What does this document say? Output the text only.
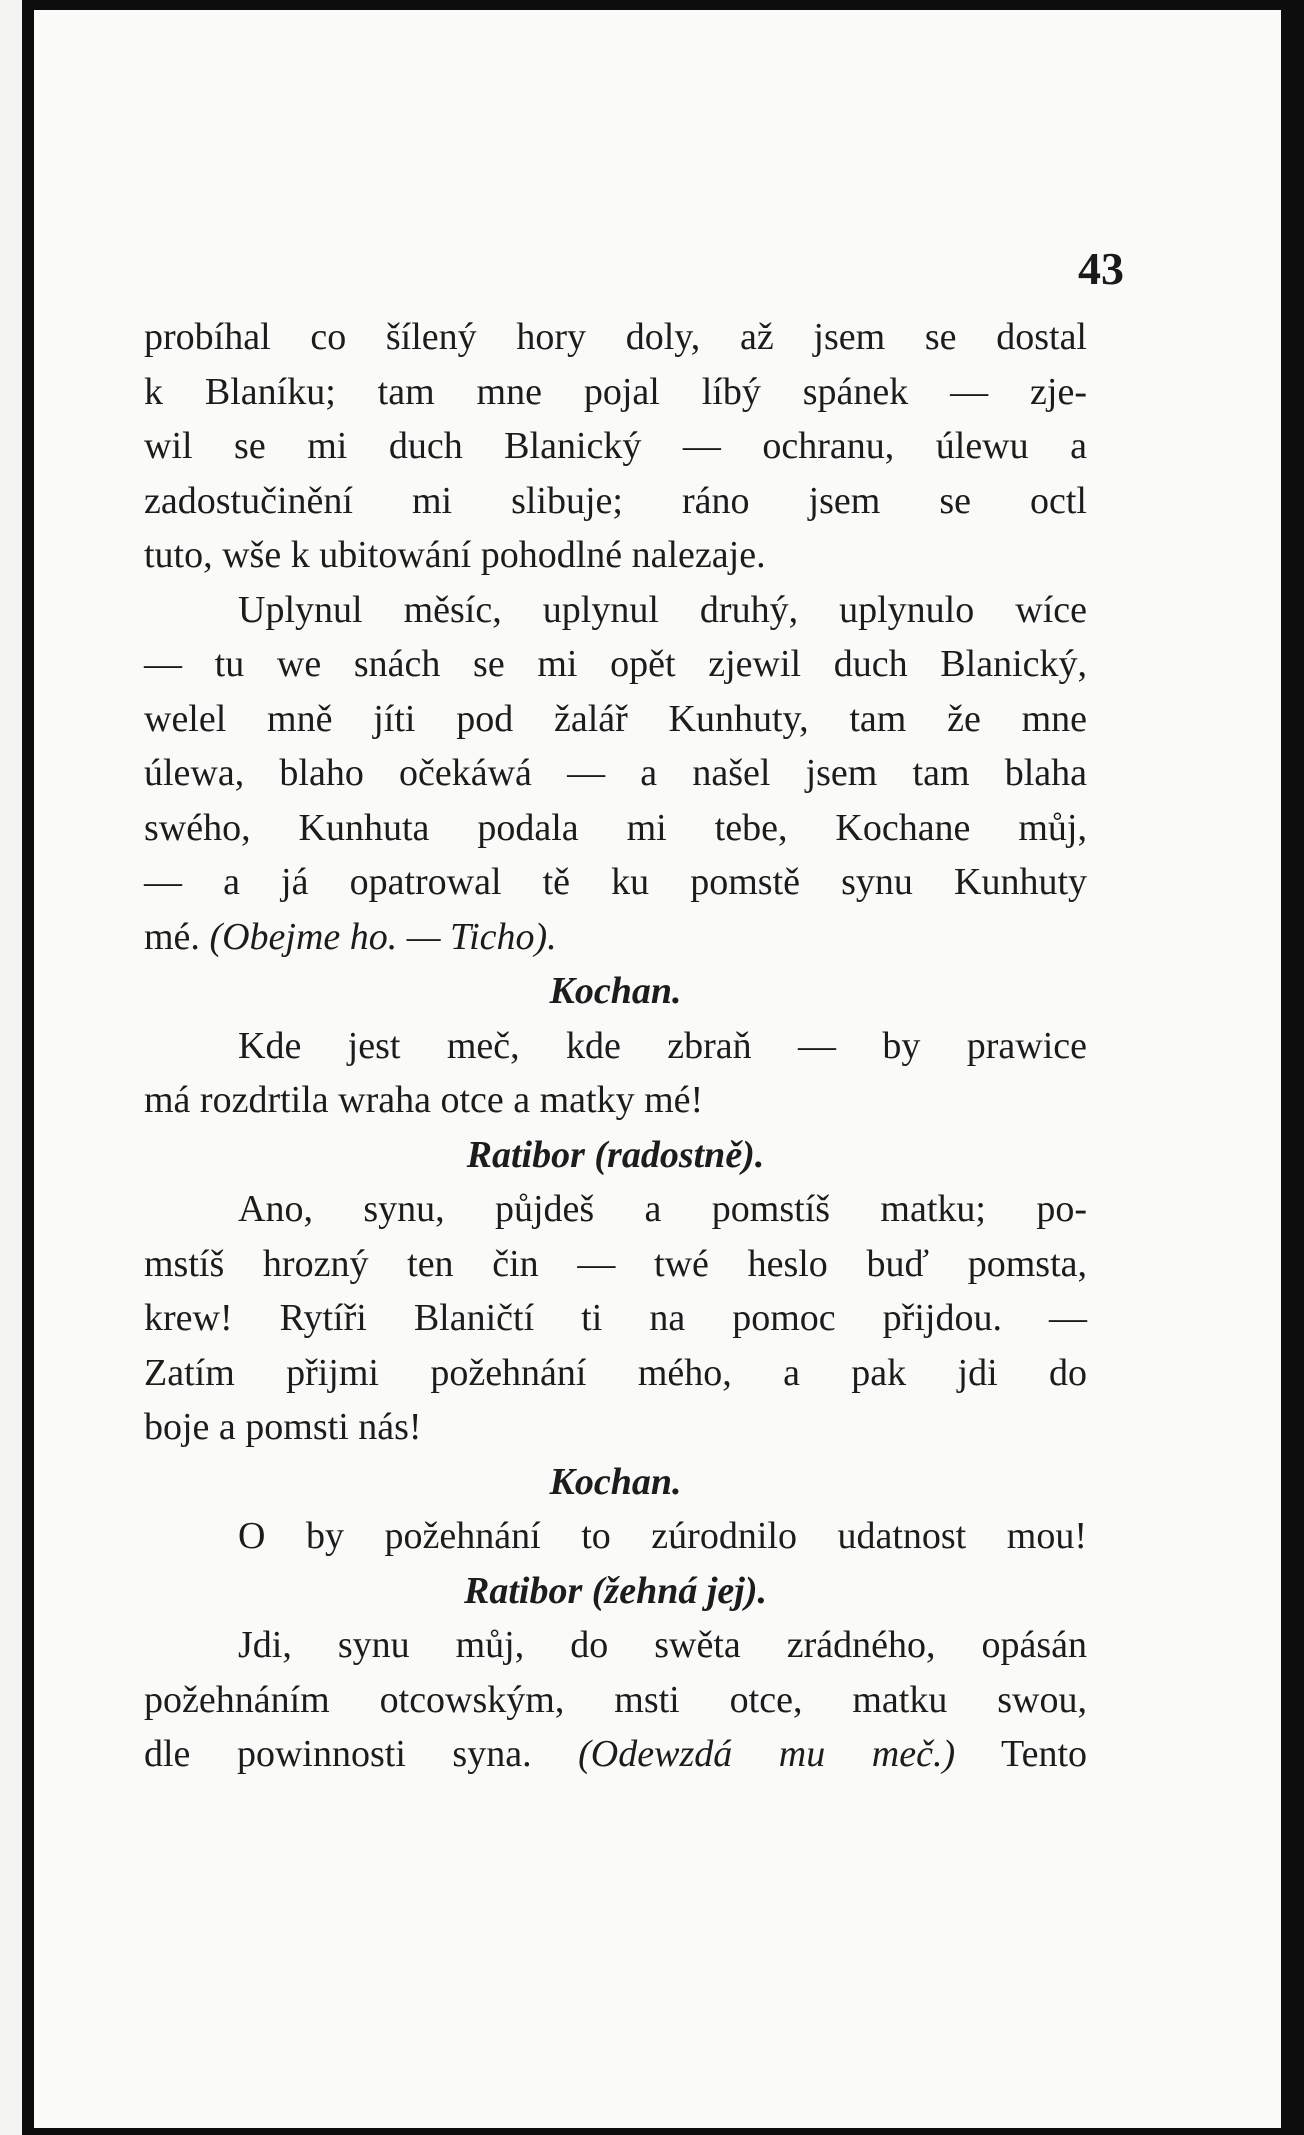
43
probíhal co šílený hory doly, až jsem se dostal
k Blaníku; tam mne pojal líbý spánek — zje-
wil se mi duch Blanický — ochranu, úlewu a
zadostučinění mi slibuje; ráno jsem se octl
tuto, wše k ubitowání pohodlné nalezaje.
Uplynul měsíc, uplynul druhý, uplynulo wíce
— tu we snách se mi opět zjewil duch Blanický,
welel mně jíti pod žalář Kunhuty, tam že mne
úlewa, blaho očekáwá — a našel jsem tam blaha
swého, Kunhuta podala mi tebe, Kochane můj,
— a já opatrowal tě ku pomstě synu Kunhuty
mé. (Obejme ho. — Ticho).
Kochan.
Kde jest meč, kde zbraň — by prawice
má rozdrtila wraha otce a matky mé!
Ratibor (radostně).
Ano, synu, půjdeš a pomstíš matku; po-
mstíš hrozný ten čin — twé heslo buď pomsta,
krew! Rytíři Blaničtí ti na pomoc přijdou. —
Zatím přijmi požehnání mého, a pak jdi do
boje a pomsti nás!
Kochan.
O by požehnání to zúrodnilo udatnost mou!
Ratibor (žehná jej).
Jdi, synu můj, do swěta zrádného, opásán
požehnáním otcowským, msti otce, matku swou,
dle powinnosti syna. (Odewzdá mu meč.) Tento
